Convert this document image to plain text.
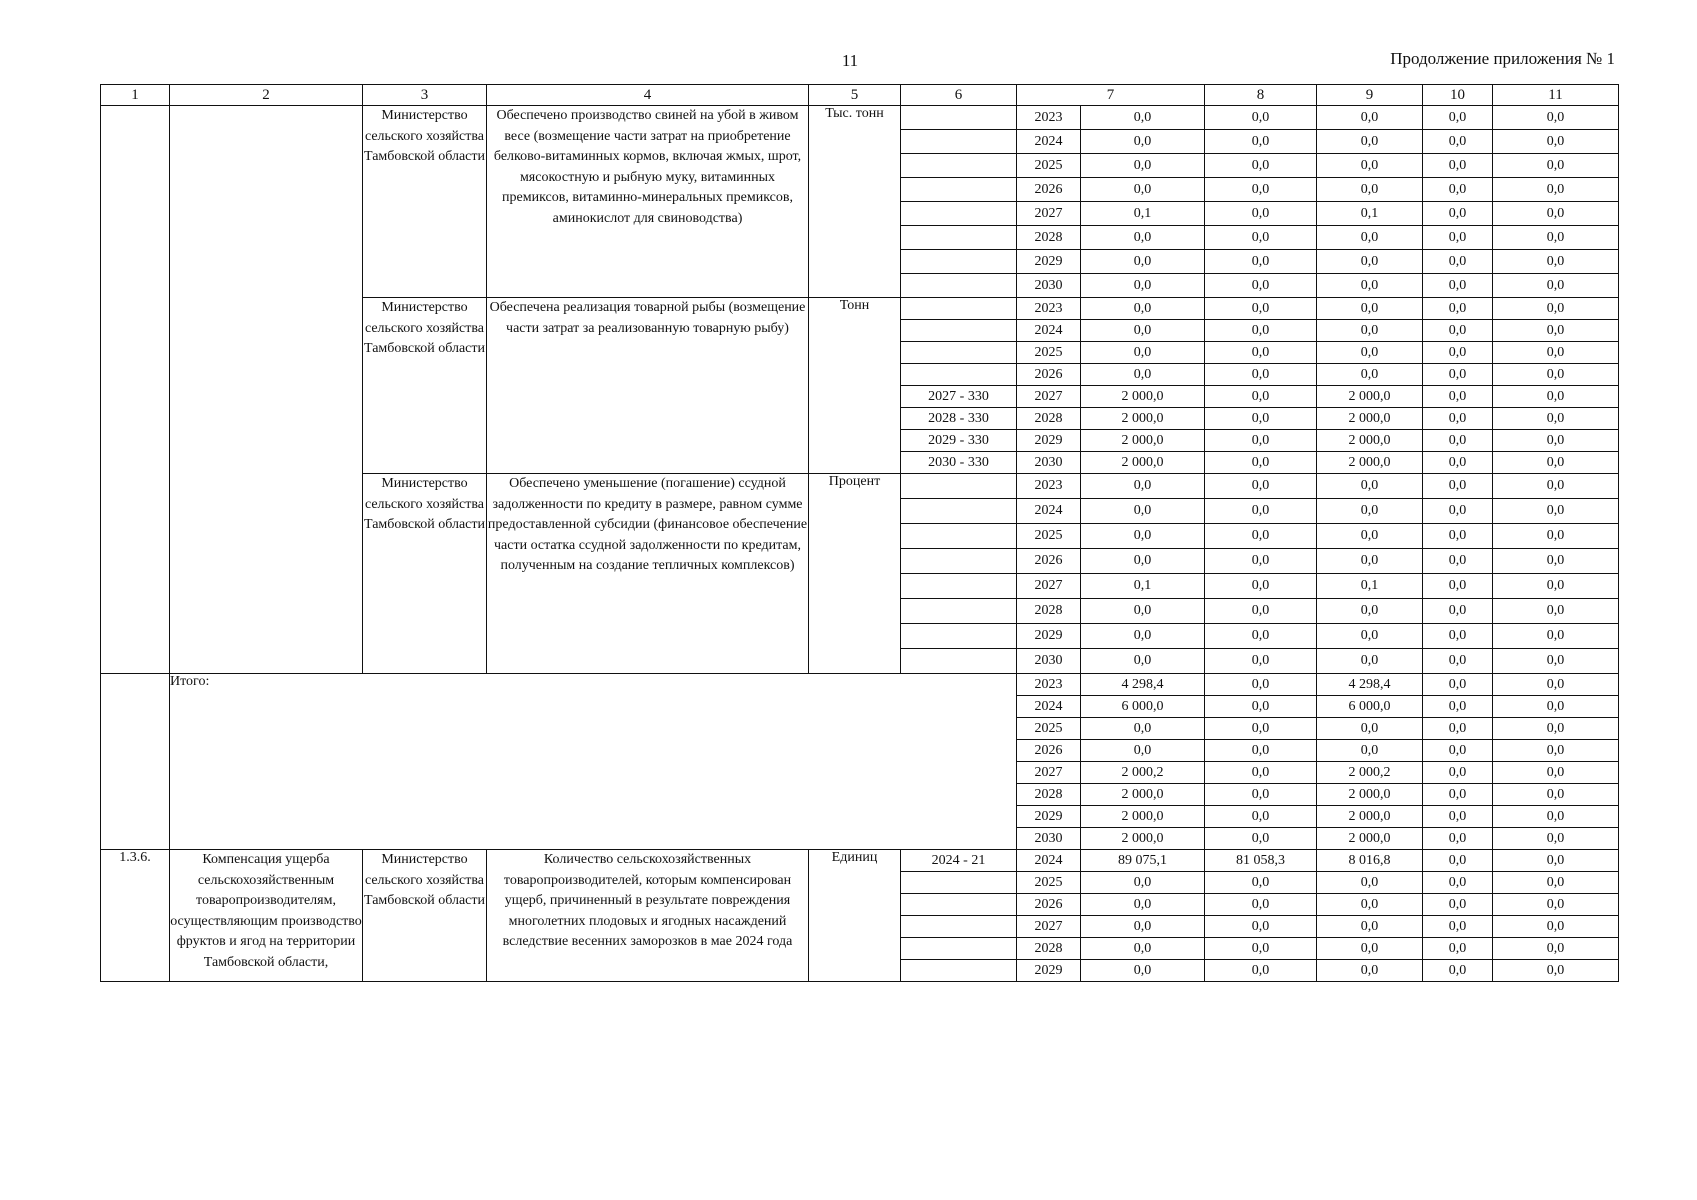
11	Продолжение приложения № 1
1	2	3	4	5	6	7		8	9	10	11
		Министерство сельского хозяйства Тамбовской области	Обеспечено производство свиней на убой в живом весе (возмещение части затрат на приобретение белково-витаминных кормов, включая жмых, шрот, мясокостную и рыбную муку, витаминных премиксов, витаминно-минеральных премиксов, аминокислот для свиноводства)	Тыс. тонн		2023	0,0	0,0	0,0	0,0	0,0
						2024	0,0	0,0	0,0	0,0	0,0
						2025	0,0	0,0	0,0	0,0	0,0
						2026	0,0	0,0	0,0	0,0	0,0
						2027	0,1	0,0	0,1	0,0	0,0
						2028	0,0	0,0	0,0	0,0	0,0
						2029	0,0	0,0	0,0	0,0	0,0
						2030	0,0	0,0	0,0	0,0	0,0
		Министерство сельского хозяйства Тамбовской области	Обеспечена реализация товарной рыбы (возмещение части затрат за реализованную товарную рыбу)	Тонн		2023	0,0	0,0	0,0	0,0	0,0
						2024	0,0	0,0	0,0	0,0	0,0
						2025	0,0	0,0	0,0	0,0	0,0
						2026	0,0	0,0	0,0	0,0	0,0
					2027 - 330	2027	2 000,0	0,0	2 000,0	0,0	0,0
					2028 - 330	2028	2 000,0	0,0	2 000,0	0,0	0,0
					2029 - 330	2029	2 000,0	0,0	2 000,0	0,0	0,0
					2030 - 330	2030	2 000,0	0,0	2 000,0	0,0	0,0
		Министерство сельского хозяйства Тамбовской области	Обеспечено уменьшение (погашение) ссудной задолженности по кредиту в размере, равном сумме предоставленной субсидии (финансовое обеспечение части остатка ссудной задолженности по кредитам, полученным на создание тепличных комплексов)	Процент		2023	0,0	0,0	0,0	0,0	0,0
						2024	0,0	0,0	0,0	0,0	0,0
						2025	0,0	0,0	0,0	0,0	0,0
						2026	0,0	0,0	0,0	0,0	0,0
						2027	0,1	0,0	0,1	0,0	0,0
						2028	0,0	0,0	0,0	0,0	0,0
						2029	0,0	0,0	0,0	0,0	0,0
						2030	0,0	0,0	0,0	0,0	0,0
	Итого:					2023	4 298,4	0,0	4 298,4	0,0	0,0
						2024	6 000,0	0,0	6 000,0	0,0	0,0
						2025	0,0	0,0	0,0	0,0	0,0
						2026	0,0	0,0	0,0	0,0	0,0
						2027	2 000,2	0,0	2 000,2	0,0	0,0
						2028	2 000,0	0,0	2 000,0	0,0	0,0
						2029	2 000,0	0,0	2 000,0	0,0	0,0
						2030	2 000,0	0,0	2 000,0	0,0	0,0
1.3.6.	Компенсация ущерба сельскохозяйственным товаропроизводителям, осуществляющим производство фруктов и ягод на территории Тамбовской области,	Министерство сельского хозяйства Тамбовской области	Количество сельскохозяйственных товаропроизводителей, которым компенсирован ущерб, причиненный в результате повреждения многолетних плодовых и ягодных насаждений вследствие весенних заморозков в мае 2024 года	Единиц	2024 - 21	2024	89 075,1	81 058,3	8 016,8	0,0	0,0
						2025	0,0	0,0	0,0	0,0	0,0
						2026	0,0	0,0	0,0	0,0	0,0
						2027	0,0	0,0	0,0	0,0	0,0
						2028	0,0	0,0	0,0	0,0	0,0
						2029	0,0	0,0	0,0	0,0	0,0
